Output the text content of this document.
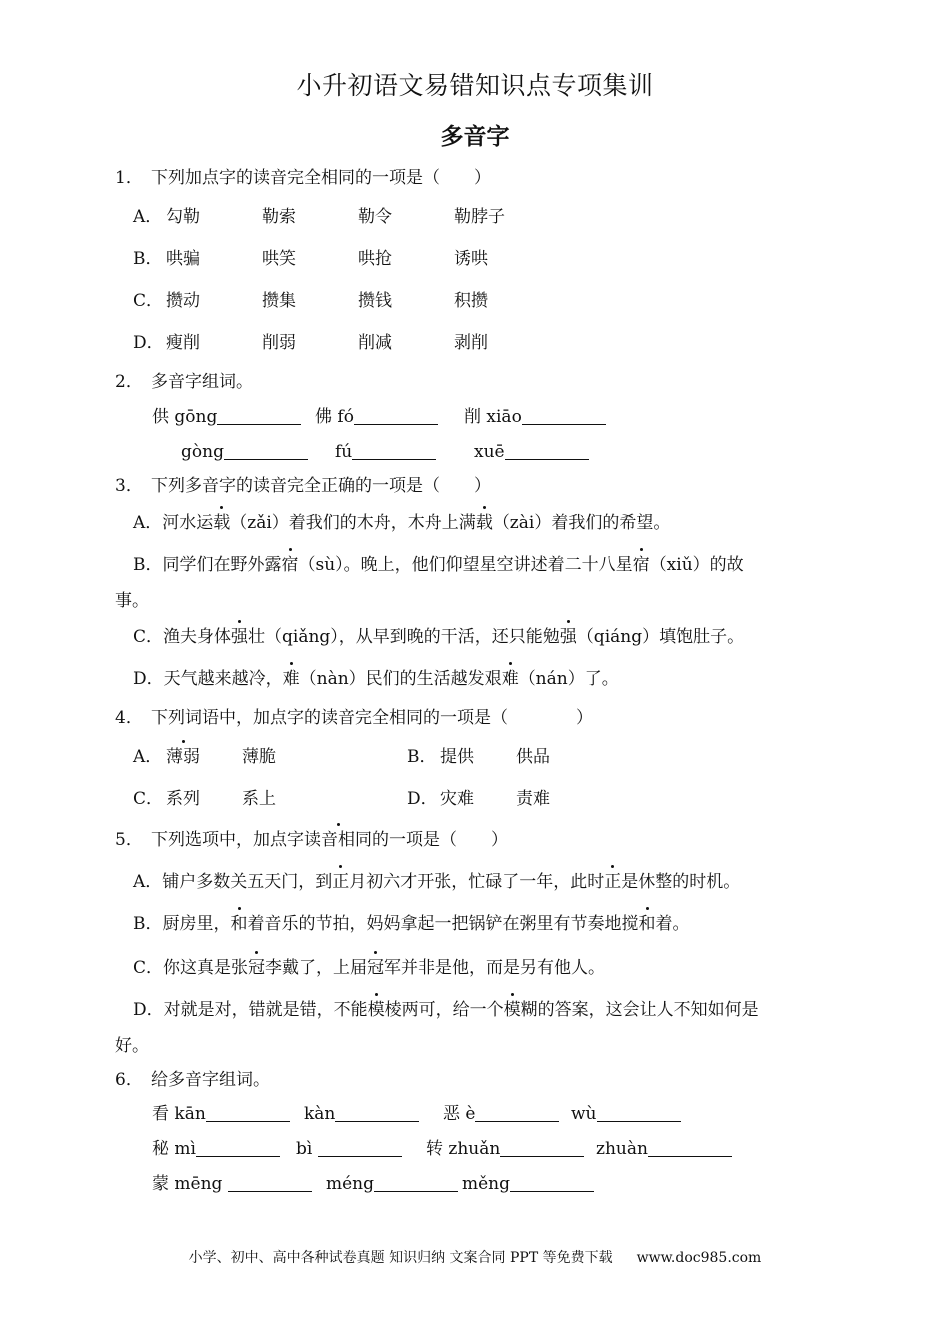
小升初语文易错知识点专项集训
多音字
1． 下列加点字的读音完全相同的一项是（　　）
A． 勾勒	勒索	勒令	勒脖子
B． 哄骗	哄笑	哄抢	诱哄
C． 攒动	攒集	攒钱	积攒
D． 瘦削	削弱	削减	剥削
2． 多音字组词。
供 gōng	佛 fó	削 xiāo
gòng	fú	xuē
3． 下列多音字的读音完全正确的一项是（　　）
A．河水运载（zǎi）着我们的木舟，木舟上满载（zài）着我们的希望。
B．同学们在野外露宿（sù）。晚上，他们仰望星空讲述着二十八星宿（xiǔ）的故
事。
C．渔夫身体强壮（qiǎng），从早到晚的干活，还只能勉强（qiáng）填饱肚子。
D．天气越来越冷，难（nàn）民们的生活越发艰难（nán）了。
4． 下列词语中，加点字的读音完全相同的一项是（　　　　）
A． 薄弱 薄脆	B． 提供 供品
C． 系列 系上	D． 灾难 责难
5． 下列选项中，加点字读音相同的一项是（　　）
A．铺户多数关五天门，到正月初六才开张，忙碌了一年，此时正是休整的时机。
B．厨房里，和着音乐的节拍，妈妈拿起一把锅铲在粥里有节奏地搅和着。
C．你这真是张冠李戴了，上届冠军并非是他，而是另有他人。
D．对就是对，错就是错，不能模棱两可，给一个模糊的答案，这会让人不知如何是
好。
6． 给多音字组词。
看 kān	kàn	恶 è	wù
秘 mì	bì	转 zhuǎn	zhuàn
蒙 mēng	méng	měng
小学、初中、高中各种试卷真题 知识归纳 文案合同 PPT 等免费下载 www.doc985.com
